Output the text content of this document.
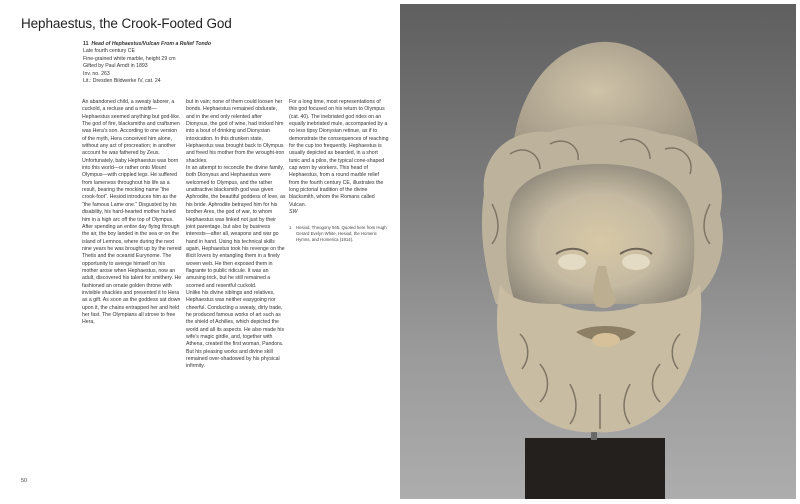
Hephaestus, the Crook-Footed God
11 Head of Hephaestus/Vulcan From a Relief Tondo
Late fourth century CE
Fine-grained white marble, height 29 cm
Gifted by Paul Arndt in 1893
Inv. no. 263
Lit.: Dresden Bildwerke IV, cat. 24

An abandoned child, a sweaty laborer, a cuckold, a recluse and a misfit—Hephaestus seemed anything but god-like. The god of fire, blacksmiths and craftsmen was Hera’s son. According to one version of the myth, Hera conceived him alone, without any act of procreation; in another account he was fathered by Zeus. Unfortunately, baby Hephaestus was born into this world—or rather onto Mount Olympus—with crippled legs. He suffered from lameness throughout his life as a result, bearing the mocking name “the crook-foot”. Hesiod introduces him as the “the famous Lame one.” Disgusted by his disability, his hard-hearted mother hurled him in a high arc off the top of Olympus. After spending an entire day flying through the air, the boy landed in the sea or on the island of Lemnos, where during the next nine years he was brought up by the nereid Thetis and the oceanid Eurynome. The opportunity to avenge himself on his mother arose when Hephaestus, now an adult, discovered his talent for smithery. He fashioned an ornate golden throne with invisible shackles and presented it to Hera as a gift. As soon as the goddess sat down upon it, the chains entrapped her and held her fast. The Olympians all strove to free Hera,

but in vain; none of them could loosen her bonds. Hephaestus remained obdurate, and in the end only relented after Dionysus, the god of wine, had tricked him into a bout of drinking and Dionysian intoxication. In this drunken state, Hephaestus was brought back to Olympus and freed his mother from the wrought-iron shackles.

In an attempt to reconcile the divine family, both Dionysus and Hephaestus were welcomed to Olympus, and the rather unattractive blacksmith god was given Aphrodite, the beautiful goddess of love, as his bride. Aphrodite betrayed him for his brother Ares, the god of war, to whom Hephaestus was linked not just by their joint parentage, but also by business interests—after all, weapons and war go hand in hand. Using his technical skills again, Hephaestus took his revenge on the illicit lovers by entangling them in a finely woven web. He then exposed them in flagrante to public ridicule. It was an amusing trick, but he still remained a scorned and resentful cuckold.

Unlike his divine siblings and relatives, Hephaestus was neither easygoing nor cheerful. Conducting a sweaty, dirty trade, he produced famous works of art such as the shield of Achilles, which depicted the world and all its aspects. He also made his wife’s magic girdle, and, together with Athena, created the first woman, Pandora. But his pleasing works and divine skill remained over-shadowed by his physical infirmity.

For a long time, most representations of this god focused on his return to Olympus (cat. 40). The inebriated god rides on an equally inebriated mule, accompanied by a no less tipsy Dionysian retinue, as if to demonstrate the consequences of reaching for the cup too frequently. Hephaestus is usually depicted as bearded, in a short tunic and a pilos, the typical cone-shaped cap worn by workers. This head of Hephaestus, from a round marble relief from the fourth century CE, illustrates the long pictorial tradition of the divine blacksmith, whom the Romans called Vulcan.

SW

1	Hesiod, Theogony 945. Quoted here from Hugh Gerard Evelyn White, Hesiod, the Homeric Hymns, and Homerica (1914).

50
